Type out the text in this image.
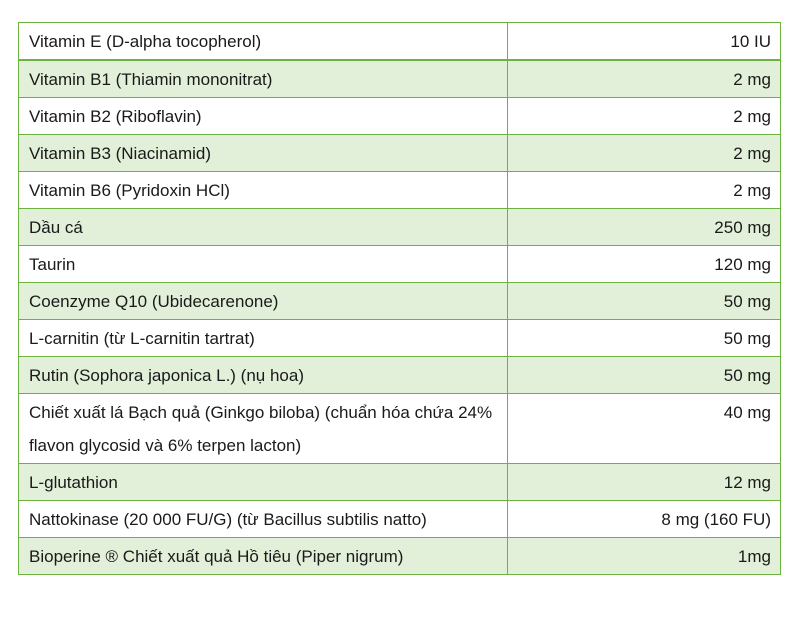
Vitamin E (D-alpha tocopherol)	10 IU
Vitamin B1 (Thiamin mononitrat)	2 mg
Vitamin B2 (Riboflavin)	2 mg
Vitamin B3 (Niacinamid)	2 mg
Vitamin B6 (Pyridoxin HCl)	2 mg
Dầu cá	250 mg
Taurin	120 mg
Coenzyme Q10 (Ubidecarenone)	50 mg
L-carnitin (từ L-carnitin tartrat)	50 mg
Rutin (Sophora japonica L.) (nụ hoa)	50 mg
Chiết xuất lá Bạch quả (Ginkgo biloba) (chuẩn hóa chứa 24% flavon glycosid và 6% terpen lacton)	40 mg
L-glutathion	12 mg
Nattokinase (20 000 FU/G) (từ Bacillus subtilis natto)	8 mg (160 FU)
Bioperine ® Chiết xuất quả Hồ tiêu (Piper nigrum)	1mg
